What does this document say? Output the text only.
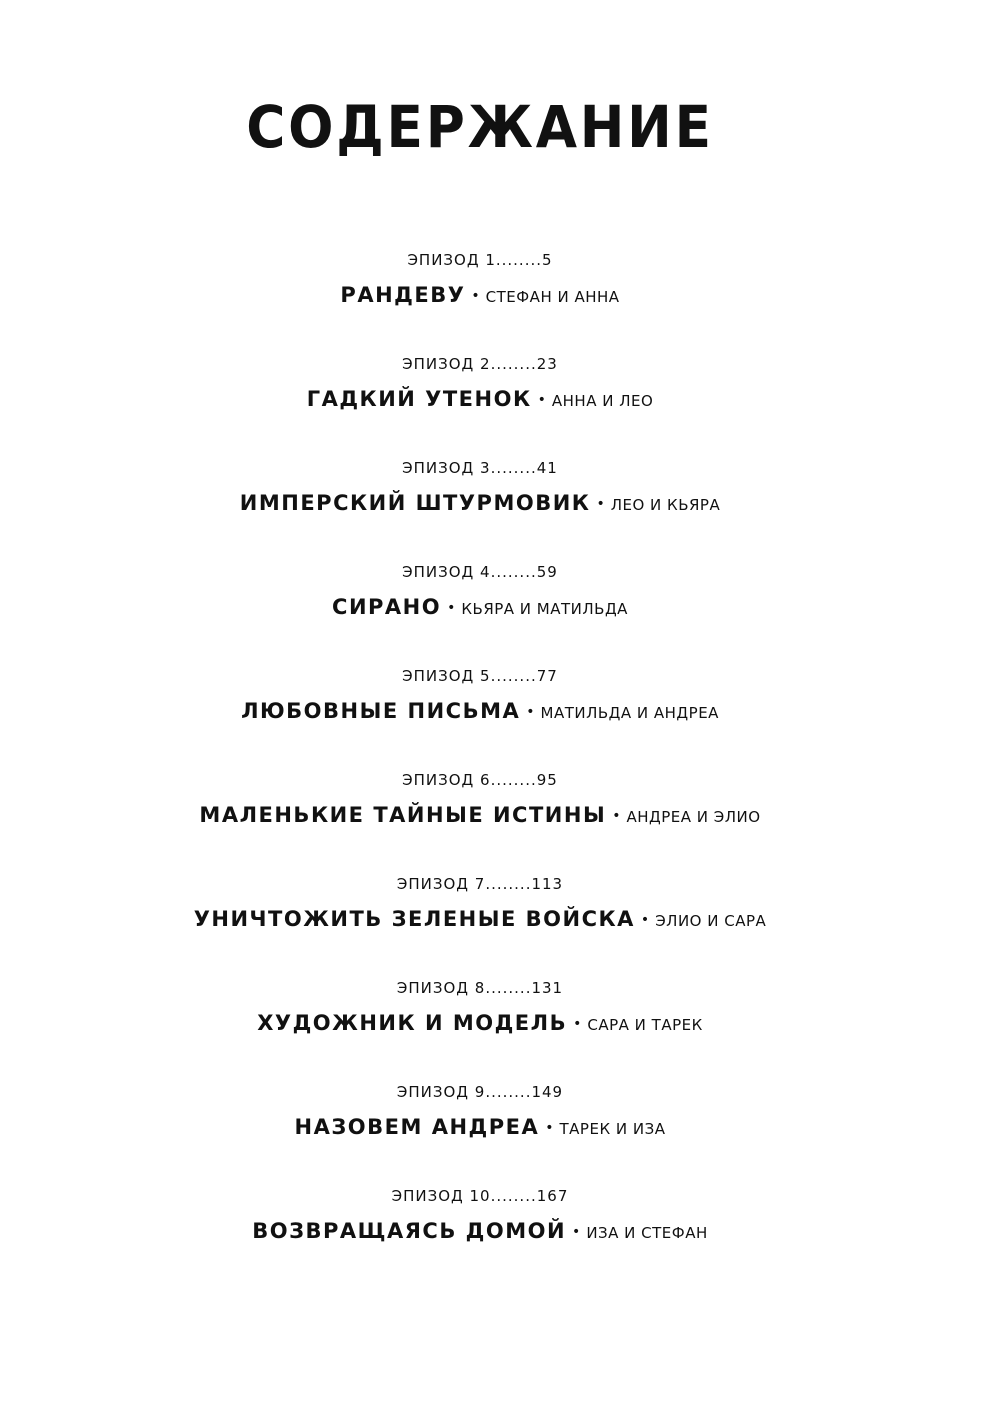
СОДЕРЖАНИЕ
ЭПИЗОД 1........5
РАНДЕВУ • СТЕФАН И АННА
ЭПИЗОД 2........23
ГАДКИЙ УТЕНОК • АННА И ЛЕО
ЭПИЗОД 3........41
ИМПЕРСКИЙ ШТУРМОВИК • ЛЕО И КЬЯРА
ЭПИЗОД 4........59
СИРАНО • КЬЯРА И МАТИЛЬДА
ЭПИЗОД 5........77
ЛЮБОВНЫЕ ПИСЬМА • МАТИЛЬДА И АНДРЕА
ЭПИЗОД 6........95
МАЛЕНЬКИЕ ТАЙНЫЕ ИСТИНЫ • АНДРЕА И ЭЛИО
ЭПИЗОД 7........113
УНИЧТОЖИТЬ ЗЕЛЕНЫЕ ВОЙСКА • ЭЛИО И САРА
ЭПИЗОД 8........131
ХУДОЖНИК И МОДЕЛЬ • САРА И ТАРЕК
ЭПИЗОД 9........149
НАЗОВЕМ АНДРЕА • ТАРЕК И ИЗА
ЭПИЗОД 10........167
ВОЗВРАЩАЯСЬ ДОМОЙ • ИЗА И СТЕФАН
